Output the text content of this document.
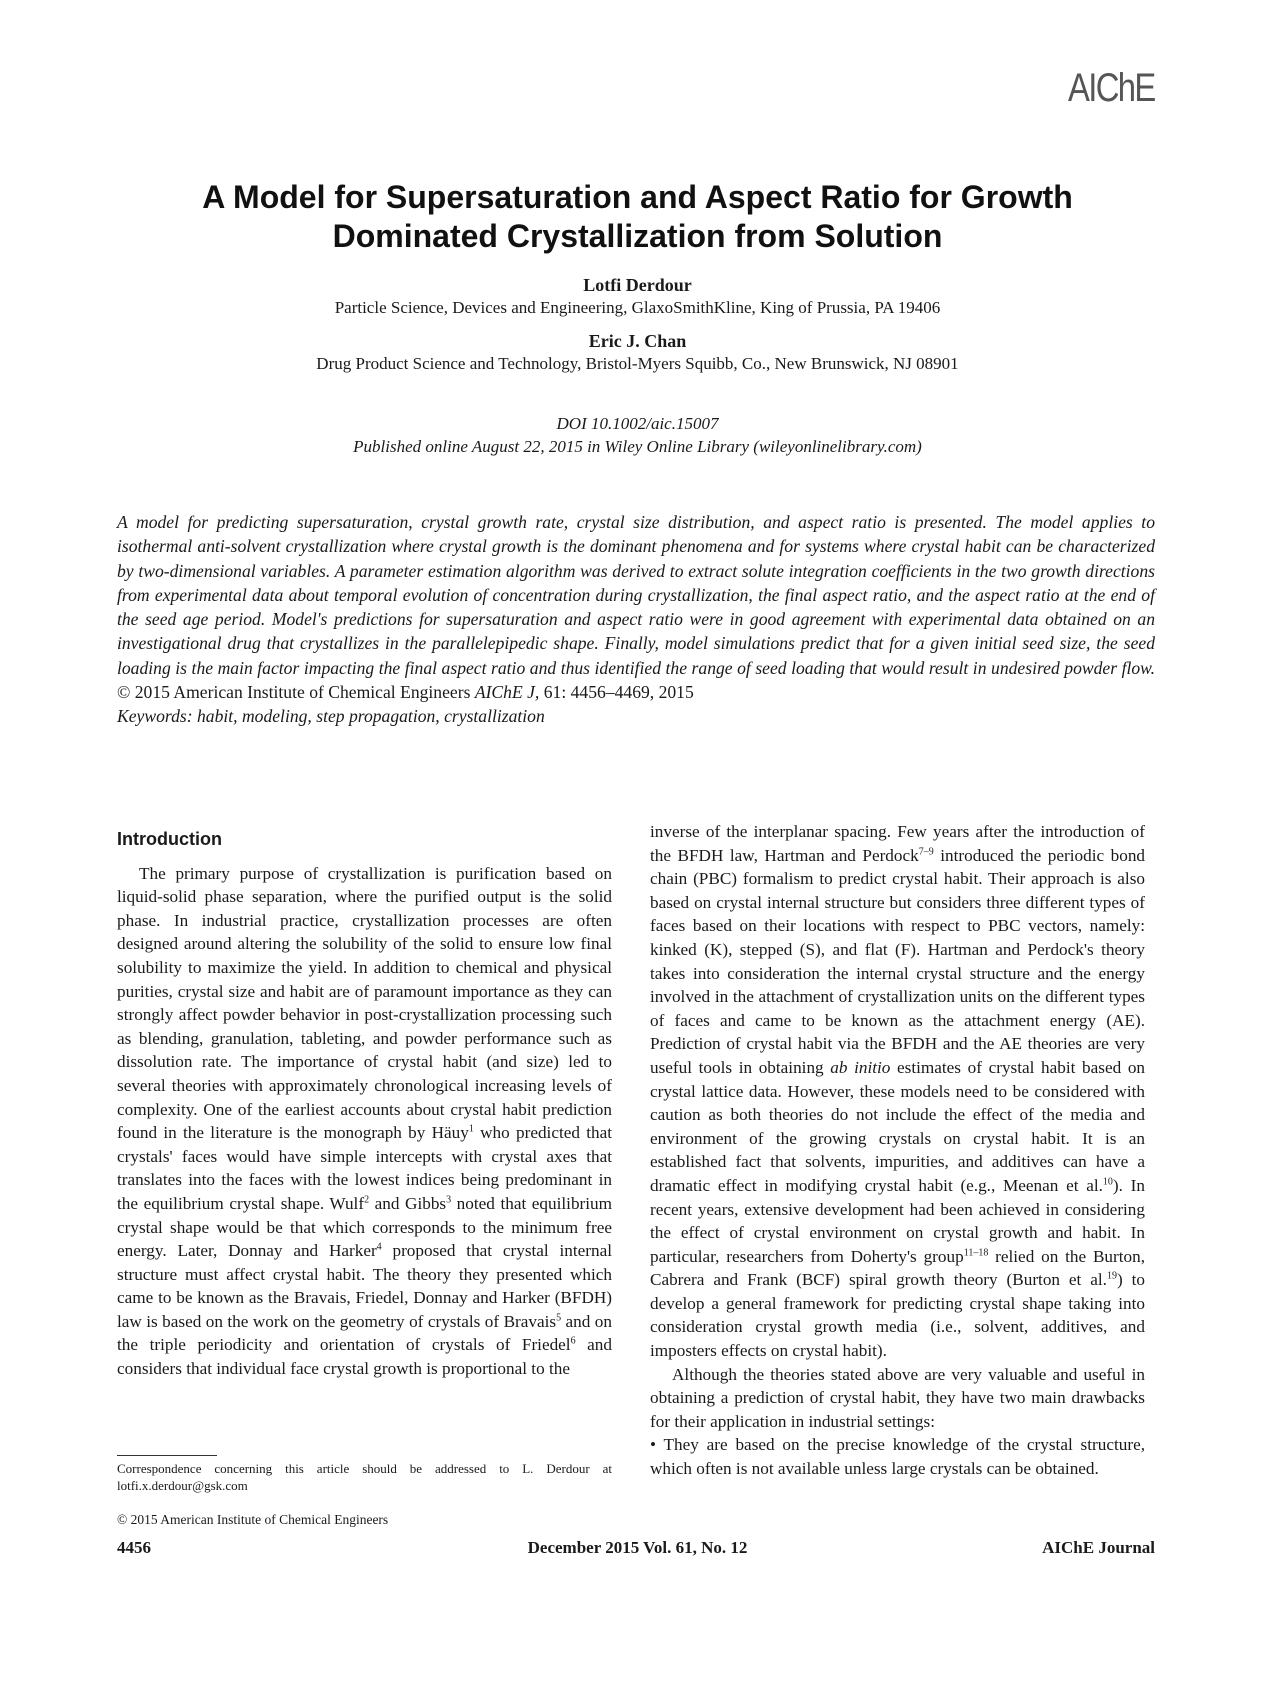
AIChE
A Model for Supersaturation and Aspect Ratio for Growth
Dominated Crystallization from Solution
Lotfi Derdour
Particle Science, Devices and Engineering, GlaxoSmithKline, King of Prussia, PA 19406
Eric J. Chan
Drug Product Science and Technology, Bristol-Myers Squibb, Co., New Brunswick, NJ 08901
DOI 10.1002/aic.15007
Published online August 22, 2015 in Wiley Online Library (wileyonlinelibrary.com)
A model for predicting supersaturation, crystal growth rate, crystal size distribution, and aspect ratio is presented. The model applies to isothermal anti-solvent crystallization where crystal growth is the dominant phenomena and for systems where crystal habit can be characterized by two-dimensional variables. A parameter estimation algorithm was derived to extract solute integration coefficients in the two growth directions from experimental data about temporal evolution of concentration during crystallization, the final aspect ratio, and the aspect ratio at the end of the seed age period. Model's predictions for supersaturation and aspect ratio were in good agreement with experimental data obtained on an investigational drug that crystallizes in the parallelepipedic shape. Finally, model simulations predict that for a given initial seed size, the seed loading is the main factor impacting the final aspect ratio and thus identified the range of seed loading that would result in undesired powder flow. © 2015 American Institute of Chemical Engineers AIChE J, 61: 4456–4469, 2015
Keywords: habit, modeling, step propagation, crystallization
Introduction

The primary purpose of crystallization is purification based on liquid-solid phase separation, where the purified output is the solid phase. In industrial practice, crystallization processes are often designed around altering the solubility of the solid to ensure low final solubility to maximize the yield. In addition to chemical and physical purities, crystal size and habit are of paramount importance as they can strongly affect powder behavior in post-crystallization processing such as blending, granulation, tableting, and powder performance such as dissolution rate. The importance of crystal habit (and size) led to several theories with approximately chronological increasing levels of complexity. One of the earliest accounts about crystal habit prediction found in the literature is the monograph by Häuy$^1$ who predicted that crystals' faces would have simple intercepts with crystal axes that translates into the faces with the lowest indices being predominant in the equilibrium crystal shape. Wulf$^2$ and Gibbs$^3$ noted that equilibrium crystal shape would be that which corresponds to the minimum free energy. Later, Donnay and Harker$^4$ proposed that crystal internal structure must affect crystal habit. The theory they presented which came to be known as the Bravais, Friedel, Donnay and Harker (BFDH) law is based on the work on the geometry of crystals of Bravais$^5$ and on the triple periodicity and orientation of crystals of Friedel$^6$ and considers that individual face crystal growth is proportional to the

inverse of the interplanar spacing. Few years after the introduction of the BFDH law, Hartman and Perdock$^{7-9}$ introduced the periodic bond chain (PBC) formalism to predict crystal habit. Their approach is also based on crystal internal structure but considers three different types of faces based on their locations with respect to PBC vectors, namely: kinked (K), stepped (S), and flat (F). Hartman and Perdock's theory takes into consideration the internal crystal structure and the energy involved in the attachment of crystallization units on the different types of faces and came to be known as the attachment energy (AE). Prediction of crystal habit via the BFDH and the AE theories are very useful tools in obtaining ab initio estimates of crystal habit based on crystal lattice data. However, these models need to be considered with caution as both theories do not include the effect of the media and environment of the growing crystals on crystal habit. It is an established fact that solvents, impurities, and additives can have a dramatic effect in modifying crystal habit (e.g., Meenan et al.$^{10}$). In recent years, extensive development had been achieved in considering the effect of crystal environment on crystal growth and habit. In particular, researchers from Doherty's group$^{11-18}$ relied on the Burton, Cabrera and Frank (BCF) spiral growth theory (Burton et al.$^{19}$) to develop a general framework for predicting crystal shape taking into consideration crystal growth media (i.e., solvent, additives, and imposters effects on crystal habit).

Although the theories stated above are very valuable and useful in obtaining a prediction of crystal habit, they have two main drawbacks for their application in industrial settings:

• They are based on the precise knowledge of the crystal structure, which often is not available unless large crystals can be obtained.

Correspondence concerning this article should be addressed to L. Derdour at lotfi.x.derdour@gsk.com
© 2015 American Institute of Chemical Engineers
4456	December 2015 Vol. 61, No. 12	AIChE Journal
